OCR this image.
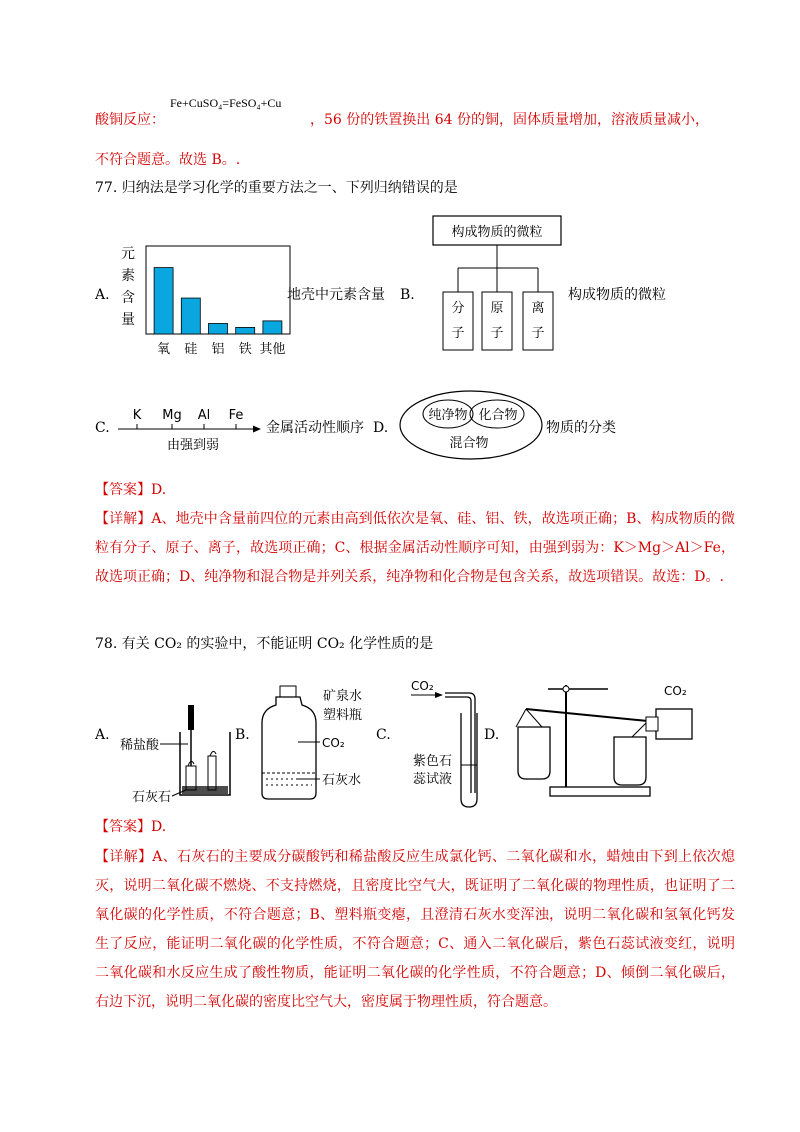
Fe+CuSO₄=FeSO₄+Cu
酸铜反应：	，56 份的铁置换出 64 份的铜，固体质量增加，溶液质量减小，
不符合题意。故选 B。.
77. 归纳法是学习化学的重要方法之一、下列归纳错误的是
A.
元
素
含
量
氧 硅 铝 铁 其他
地壳中元素含量 B.
构成物质的微粒
分
子
原
子
离
子
构成物质的微粒
C.
K Mg Al Fe
由强到弱
金属活动性顺序 D.
纯净物 化合物
混合物
物质的分类
【答案】D.
【详解】A、地壳中含量前四位的元素由高到低依次是氧、硅、铝、铁，故选项正确；B、构成物质的微粒有分子、原子、离子，故选项正确；C、根据金属活动性顺序可知，由强到弱为：K＞Mg＞Al＞Fe，故选项正确；D、纯净物和混合物是并列关系，纯净物和化合物是包含关系，故选项错误。故选：D。.
78. 有关 CO₂ 的实验中，不能证明 CO₂ 化学性质的是
A.
稀盐酸
石灰石
B.
矿泉水
塑料瓶
CO₂
石灰水
C.
CO₂
紫色石
蕊试液
D.
CO₂
【答案】D.
【详解】A、石灰石的主要成分碳酸钙和稀盐酸反应生成氯化钙、二氧化碳和水，蜡烛由下到上依次熄灭，说明二氧化碳不燃烧、不支持燃烧，且密度比空气大，既证明了二氧化碳的物理性质，也证明了二氧化碳的化学性质，不符合题意；B、塑料瓶变瘪，且澄清石灰水变浑浊，说明二氧化碳和氢氧化钙发生了反应，能证明二氧化碳的化学性质，不符合题意；C、通入二氧化碳后，紫色石蕊试液变红，说明二氧化碳和水反应生成了酸性物质，能证明二氧化碳的化学性质，不符合题意；D、倾倒二氧化碳后，右边下沉，说明二氧化碳的密度比空气大，密度属于物理性质，符合题意。
